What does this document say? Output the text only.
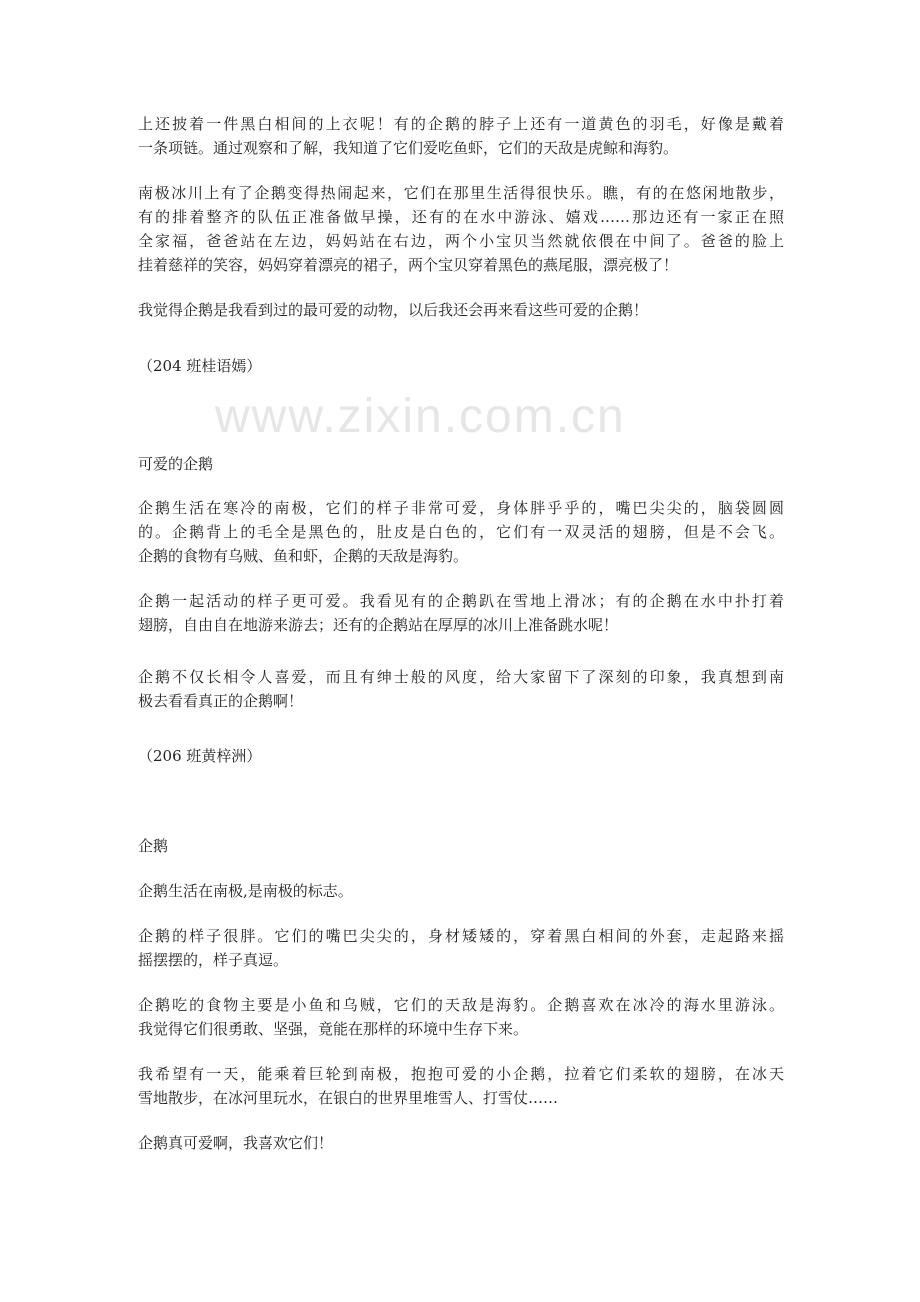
www.zixin.com.cn
上还披着一件黑白相间的上衣呢！有的企鹅的脖子上还有一道黄色的羽毛，好像是戴着
一条项链。通过观察和了解，我知道了它们爱吃鱼虾，它们的天敌是虎鲸和海豹。
南极冰川上有了企鹅变得热闹起来，它们在那里生活得很快乐。瞧，有的在悠闲地散步，
有的排着整齐的队伍正准备做早操，还有的在水中游泳、嬉戏……那边还有一家正在照
全家福，爸爸站在左边，妈妈站在右边，两个小宝贝当然就依偎在中间了。爸爸的脸上
挂着慈祥的笑容，妈妈穿着漂亮的裙子，两个宝贝穿着黑色的燕尾服，漂亮极了！
我觉得企鹅是我看到过的最可爱的动物，以后我还会再来看这些可爱的企鹅！
（204 班桂语嫣）
可爱的企鹅
企鹅生活在寒冷的南极，它们的样子非常可爱，身体胖乎乎的，嘴巴尖尖的，脑袋圆圆
的。企鹅背上的毛全是黑色的，肚皮是白色的，它们有一双灵活的翅膀，但是不会飞。
企鹅的食物有乌贼、鱼和虾，企鹅的天敌是海豹。
企鹅一起活动的样子更可爱。我看见有的企鹅趴在雪地上滑冰；有的企鹅在水中扑打着
翅膀，自由自在地游来游去；还有的企鹅站在厚厚的冰川上准备跳水呢！
企鹅不仅长相令人喜爱，而且有绅士般的风度，给大家留下了深刻的印象，我真想到南
极去看看真正的企鹅啊！
（206 班黄梓洲）
企鹅
企鹅生活在南极,是南极的标志。
企鹅的样子很胖。它们的嘴巴尖尖的，身材矮矮的，穿着黑白相间的外套，走起路来摇
摇摆摆的，样子真逗。
企鹅吃的食物主要是小鱼和乌贼，它们的天敌是海豹。企鹅喜欢在冰冷的海水里游泳。
我觉得它们很勇敢、坚强，竟能在那样的环境中生存下来。
我希望有一天，能乘着巨轮到南极，抱抱可爱的小企鹅，拉着它们柔软的翅膀，在冰天
雪地散步，在冰河里玩水，在银白的世界里堆雪人、打雪仗……
企鹅真可爱啊，我喜欢它们！
